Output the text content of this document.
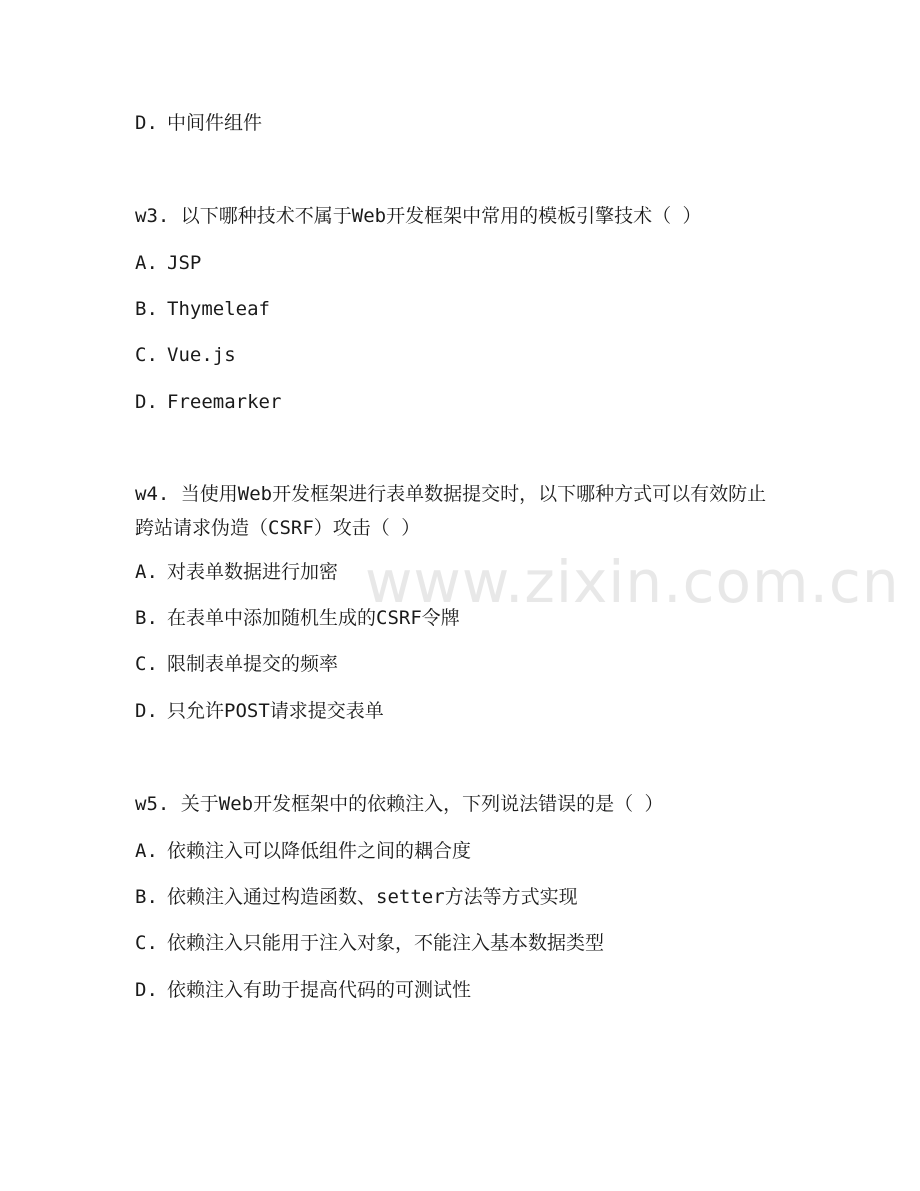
www.zixin.com.cn
D. 中间件组件
w3. 以下哪种技术不属于Web开发框架中常用的模板引擎技术（ ）
A. JSP
B. Thymeleaf
C. Vue.js
D. Freemarker
w4. 当使用Web开发框架进行表单数据提交时，以下哪种方式可以有效防止跨站请求伪造（CSRF）攻击（ ）
A. 对表单数据进行加密
B. 在表单中添加随机生成的CSRF令牌
C. 限制表单提交的频率
D. 只允许POST请求提交表单
w5. 关于Web开发框架中的依赖注入，下列说法错误的是（ ）
A. 依赖注入可以降低组件之间的耦合度
B. 依赖注入通过构造函数、setter方法等方式实现
C. 依赖注入只能用于注入对象，不能注入基本数据类型
D. 依赖注入有助于提高代码的可测试性
